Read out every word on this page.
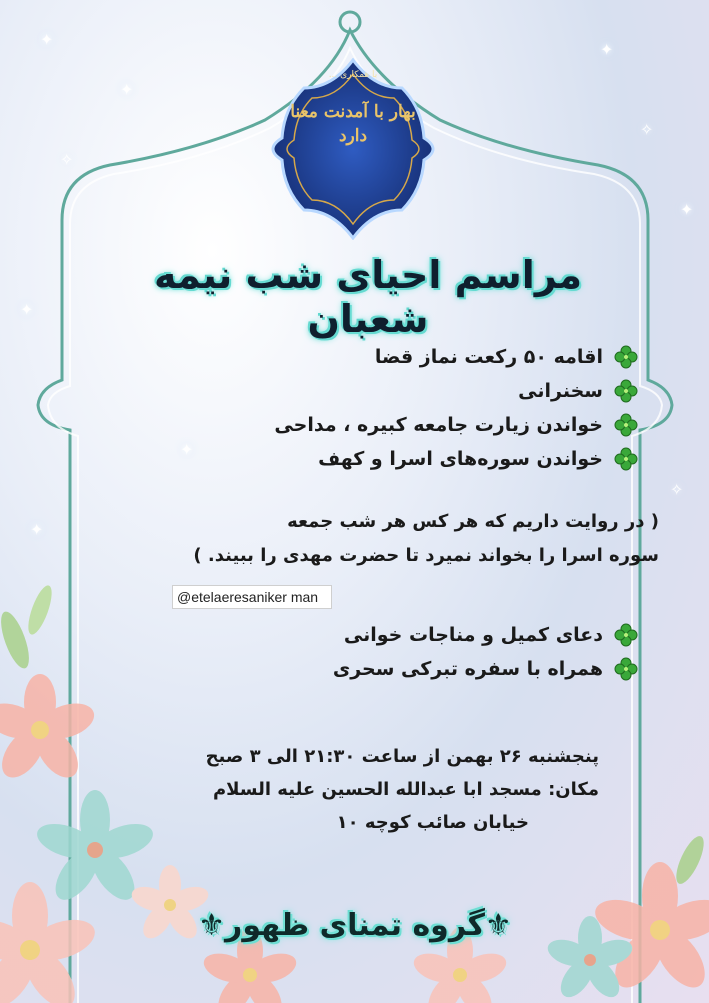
✦
✦
✧
✦
✧
✦
✦
✧
✦
✦
با همکاری ...
بهار با آمدنت معنا دارد
مراسم احیای شب نیمه شعبان
اقامه ۵۰ رکعت نماز قضا
سخنرانی
خواندن زیارت جامعه کبیره ، مداحی
خواندن سوره‌های اسرا و کهف
( در روایت داریم که هر کس هر شب جمعه
سوره اسرا را بخواند نمیرد تا حضرت مهدی را ببیند. )
@etelaeresaniker man
دعای کمیل و مناجات خوانی
همراه با سفره تبرکی سحری
پنجشنبه ۲۶ بهمن از ساعت ۲۱:۳۰ الی ۳ صبح
مکان: مسجد ابا عبدالله الحسین علیه السلام
خیابان صائب کوچه ۱۰
⚜گروه تمنای ظهور⚜
